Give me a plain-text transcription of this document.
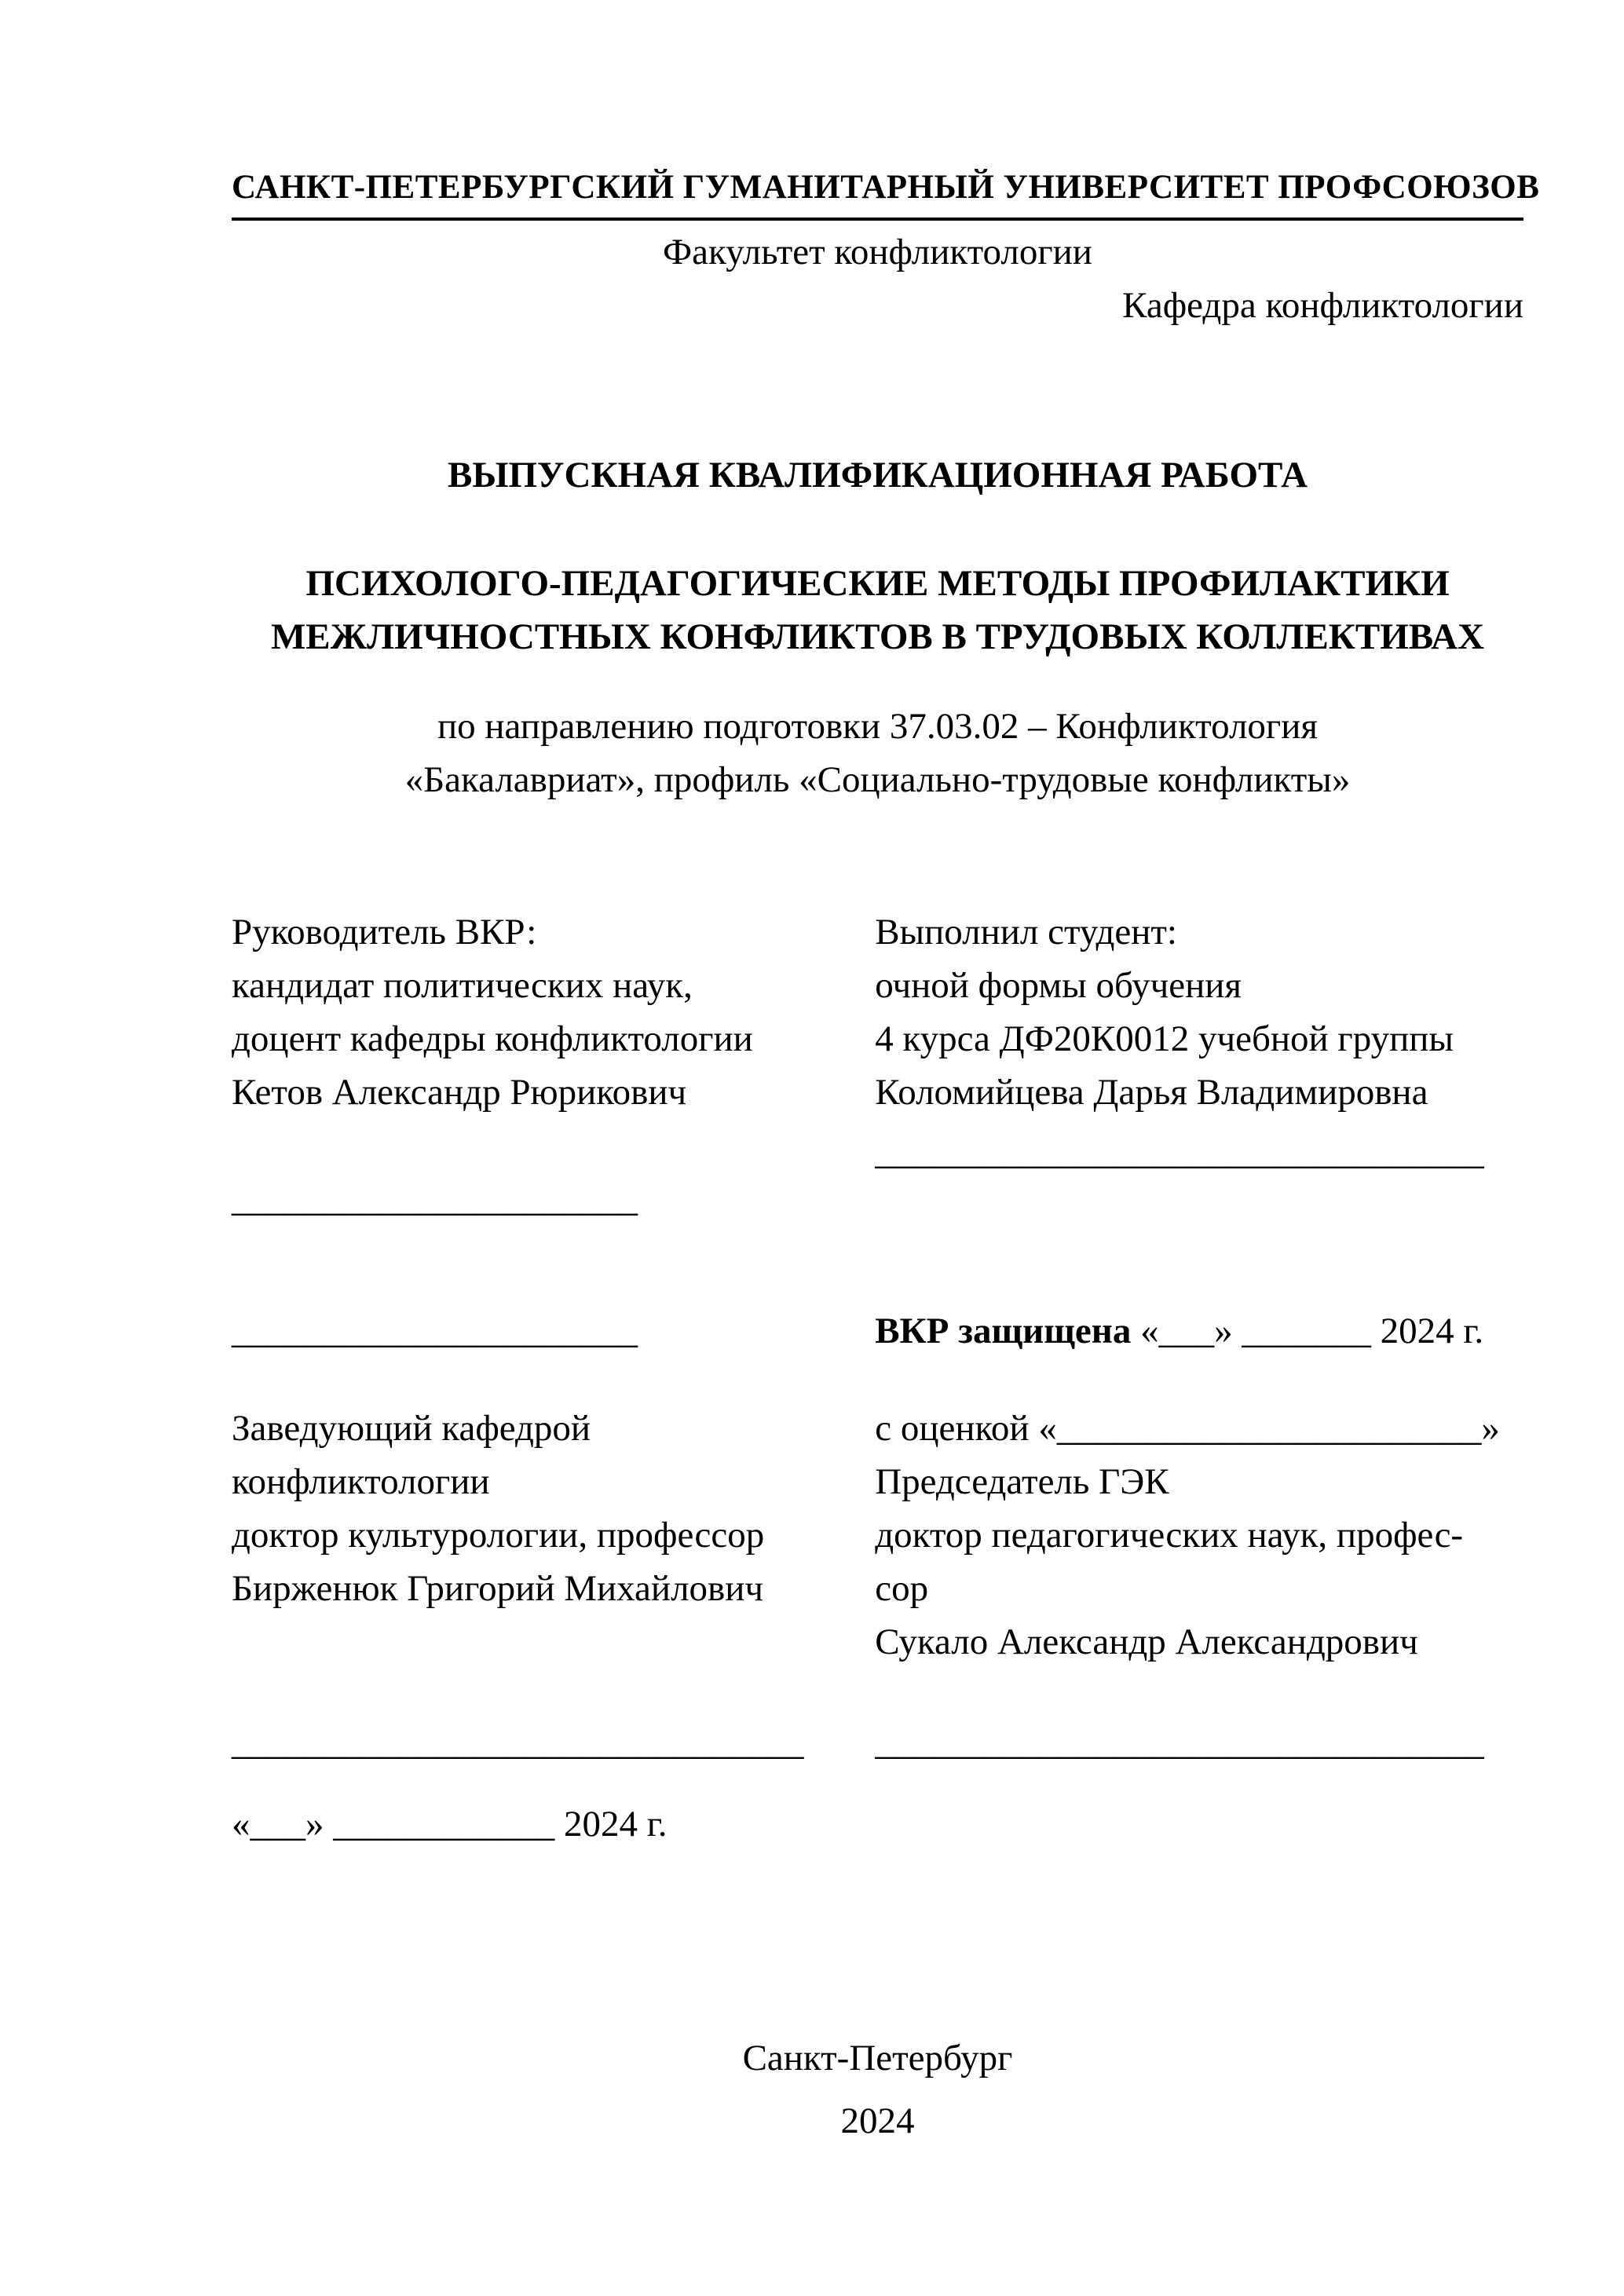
САНКТ-ПЕТЕРБУРГСКИЙ ГУМАНИТАРНЫЙ УНИВЕРСИТЕТ ПРОФСОЮЗОВ
Факультет конфликтологии
Кафедра конфликтологии
ВЫПУСКНАЯ КВАЛИФИКАЦИОННАЯ РАБОТА
ПСИХОЛОГО-ПЕДАГОГИЧЕСКИЕ МЕТОДЫ ПРОФИЛАКТИКИ
МЕЖЛИЧНОСТНЫХ КОНФЛИКТОВ В ТРУДОВЫХ КОЛЛЕКТИВАХ
по направлению подготовки 37.03.02 – Конфликтология
«Бакалавриат», профиль «Социально-трудовые конфликты»
Руководитель ВКР:
кандидат политических наук,
доцент кафедры конфликтологии
Кетов Александр Рюрикович
______________________
Выполнил студент:
очной формы обучения
4 курса ДФ20К0012 учебной группы
Коломийцева Дарья Владимировна
_________________________________
______________________	ВКР защищена «___» _______ 2024 г.
Заведующий кафедрой
конфликтологии
доктор культурологии, профессор
Бирженюк Григорий Михайлович
с оценкой «_______________________»
Председатель ГЭК
доктор педагогических наук, профес-
сор
Сукало Александр Александрович
_______________________________	_________________________________
«___» ____________ 2024 г.
Санкт-Петербург
2024
